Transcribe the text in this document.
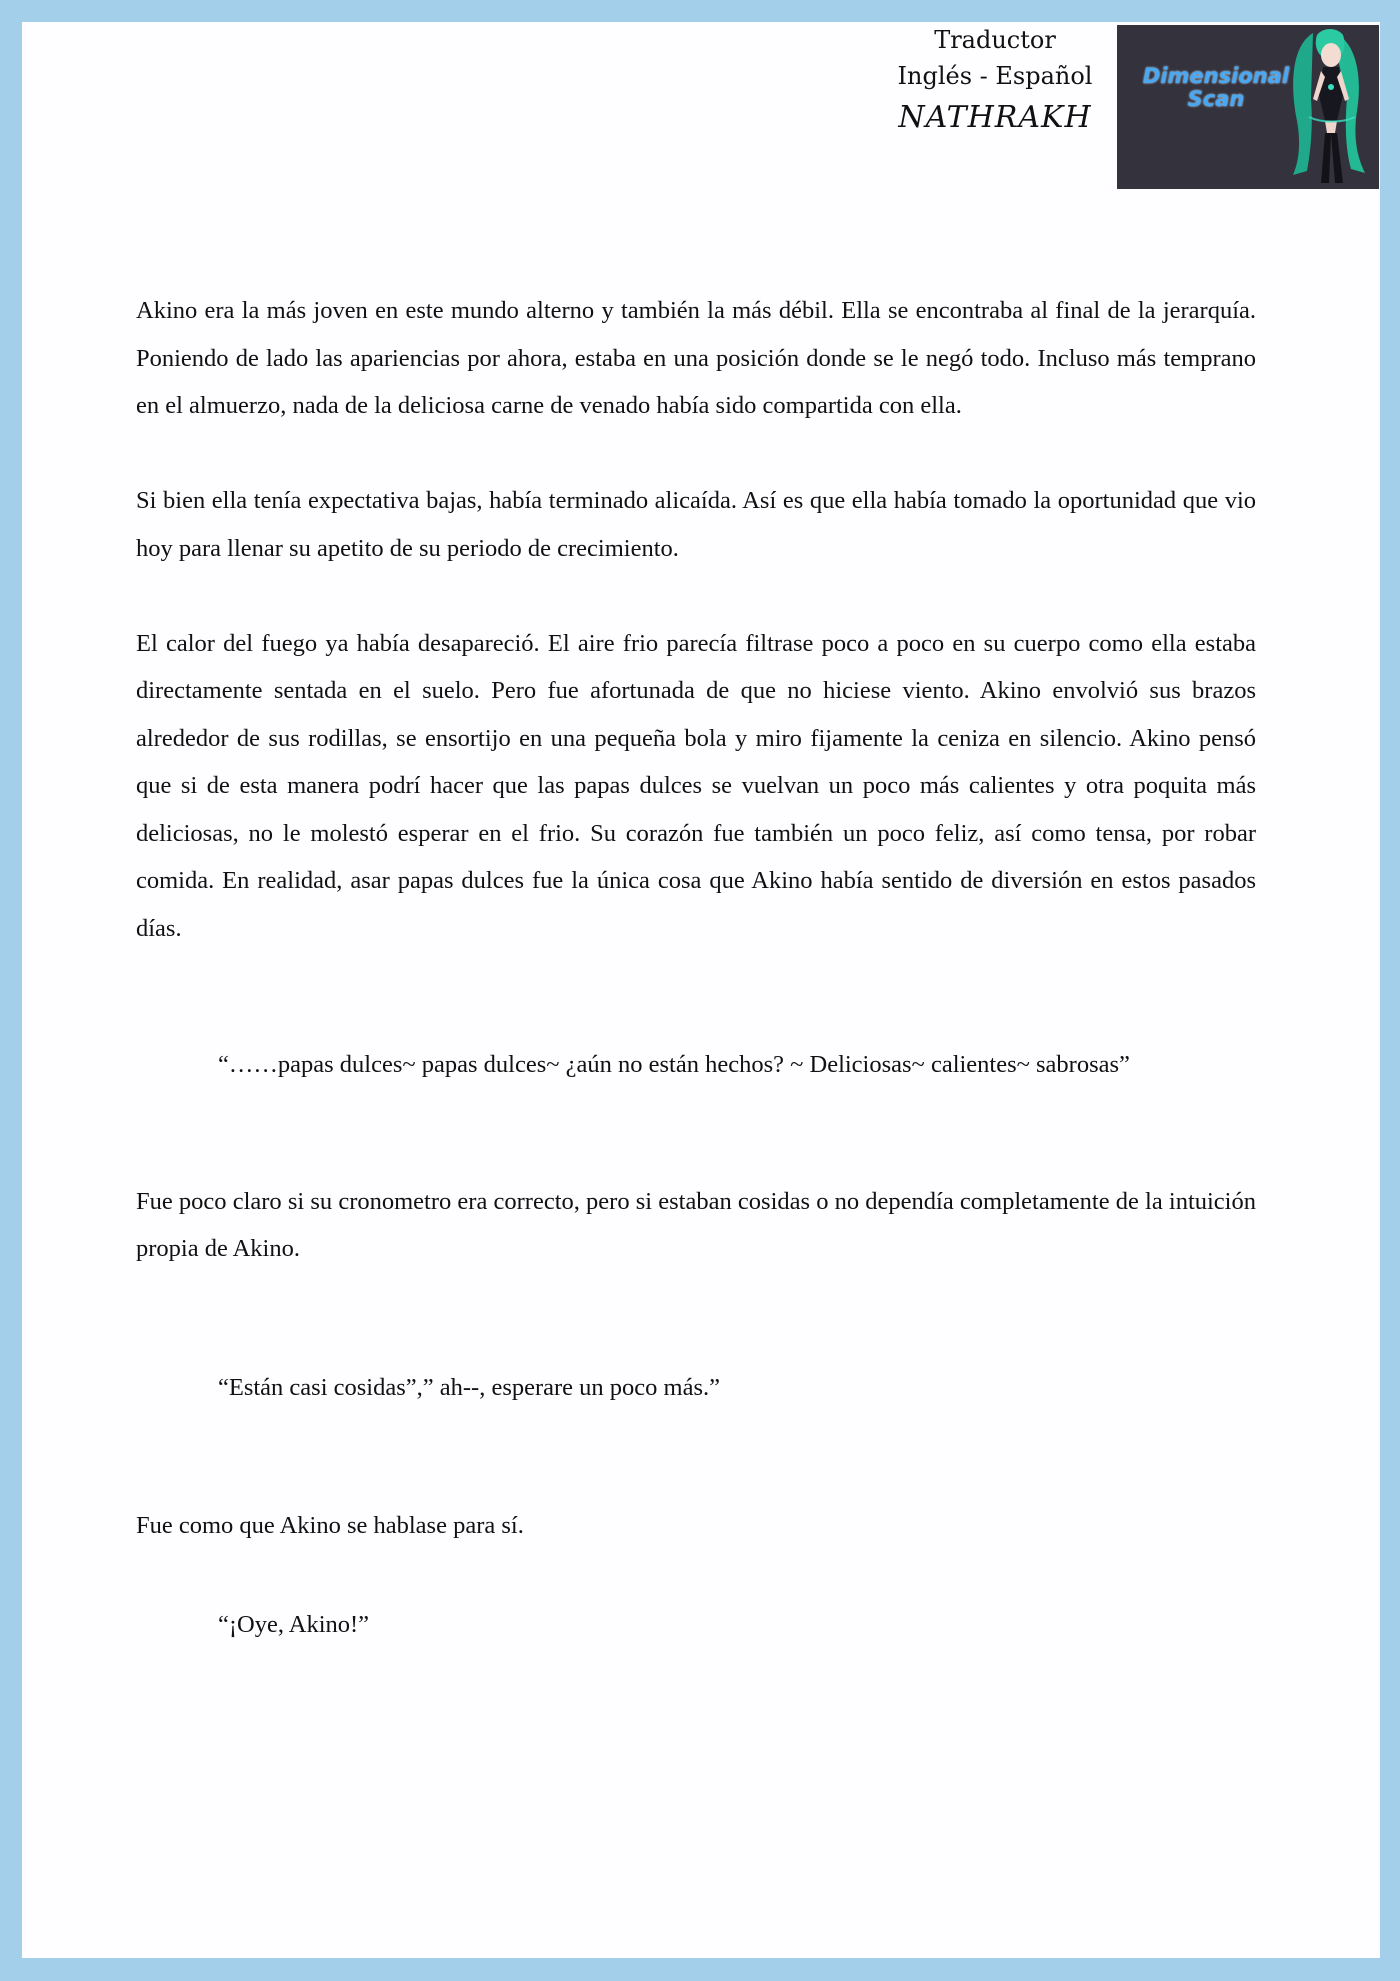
Traductor
Inglés - Español
NATHRAKH
Dimensional
Scan

Akino era la más joven en este mundo alterno y también la más débil. Ella se encontraba al final de la jerarquía. Poniendo de lado las apariencias por ahora, estaba en una posición donde se le negó todo. Incluso más temprano en el almuerzo, nada de la deliciosa carne de venado había sido compartida con ella.

Si bien ella tenía expectativa bajas, había terminado alicaída. Así es que ella había tomado la oportunidad que vio hoy para llenar su apetito de su periodo de crecimiento.

El calor del fuego ya había desapareció. El aire frio parecía filtrase poco a poco en su cuerpo como ella estaba directamente sentada en el suelo. Pero fue afortunada de que no hiciese viento. Akino envolvió sus brazos alrededor de sus rodillas, se ensortijo en una pequeña bola y miro fijamente la ceniza en silencio. Akino pensó que si de esta manera podrí hacer que las papas dulces se vuelvan un poco más calientes y otra poquita más deliciosas, no le molestó esperar en el frio. Su corazón fue también un poco feliz, así como tensa, por robar comida. En realidad, asar papas dulces fue la única cosa que Akino había sentido de diversión en estos pasados días.

“……papas dulces~ papas dulces~ ¿aún no están hechos? ~ Deliciosas~ calientes~ sabrosas”

Fue poco claro si su cronometro era correcto, pero si estaban cosidas o no dependía completamente de la intuición propia de Akino.

“Están casi cosidas”,” ah--, esperare un poco más.”

Fue como que Akino se hablase para sí.

“¡Oye, Akino!”
